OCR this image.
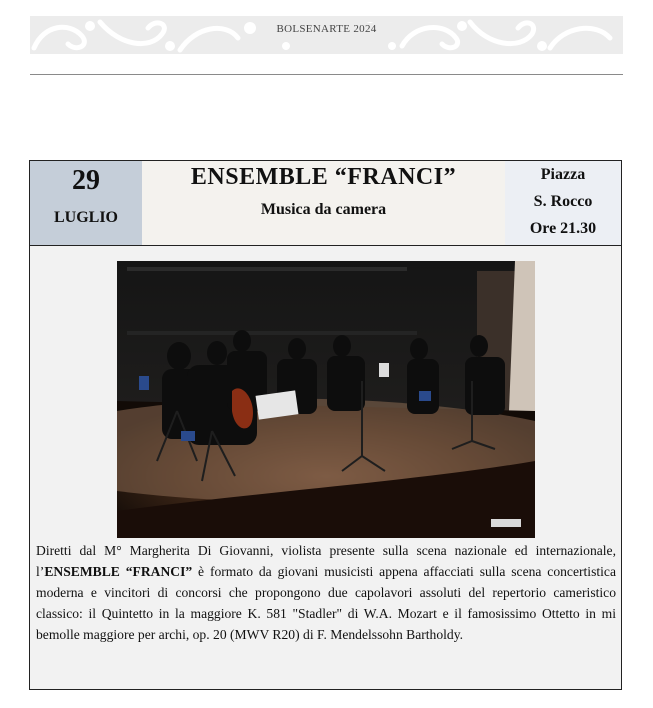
BOLSENARTE 2024
29
LUGLIO
ENSEMBLE “FRANCI”
Musica da camera
Piazza
S. Rocco
Ore 21.30
Diretti dal M° Margherita Di Giovanni, violista presente sulla scena nazionale ed internazionale, l’ENSEMBLE “FRANCI” è formato da giovani musicisti appena affacciati sulla scena concertistica moderna e vincitori di concorsi che propongono due capolavori assoluti del repertorio cameristico classico: il Quintetto in la maggiore K. 581 "Stadler" di W.A. Mozart e il famosissimo Ottetto in mi bemolle maggiore per archi, op. 20 (MWV R20) di F. Mendelssohn Bartholdy.
